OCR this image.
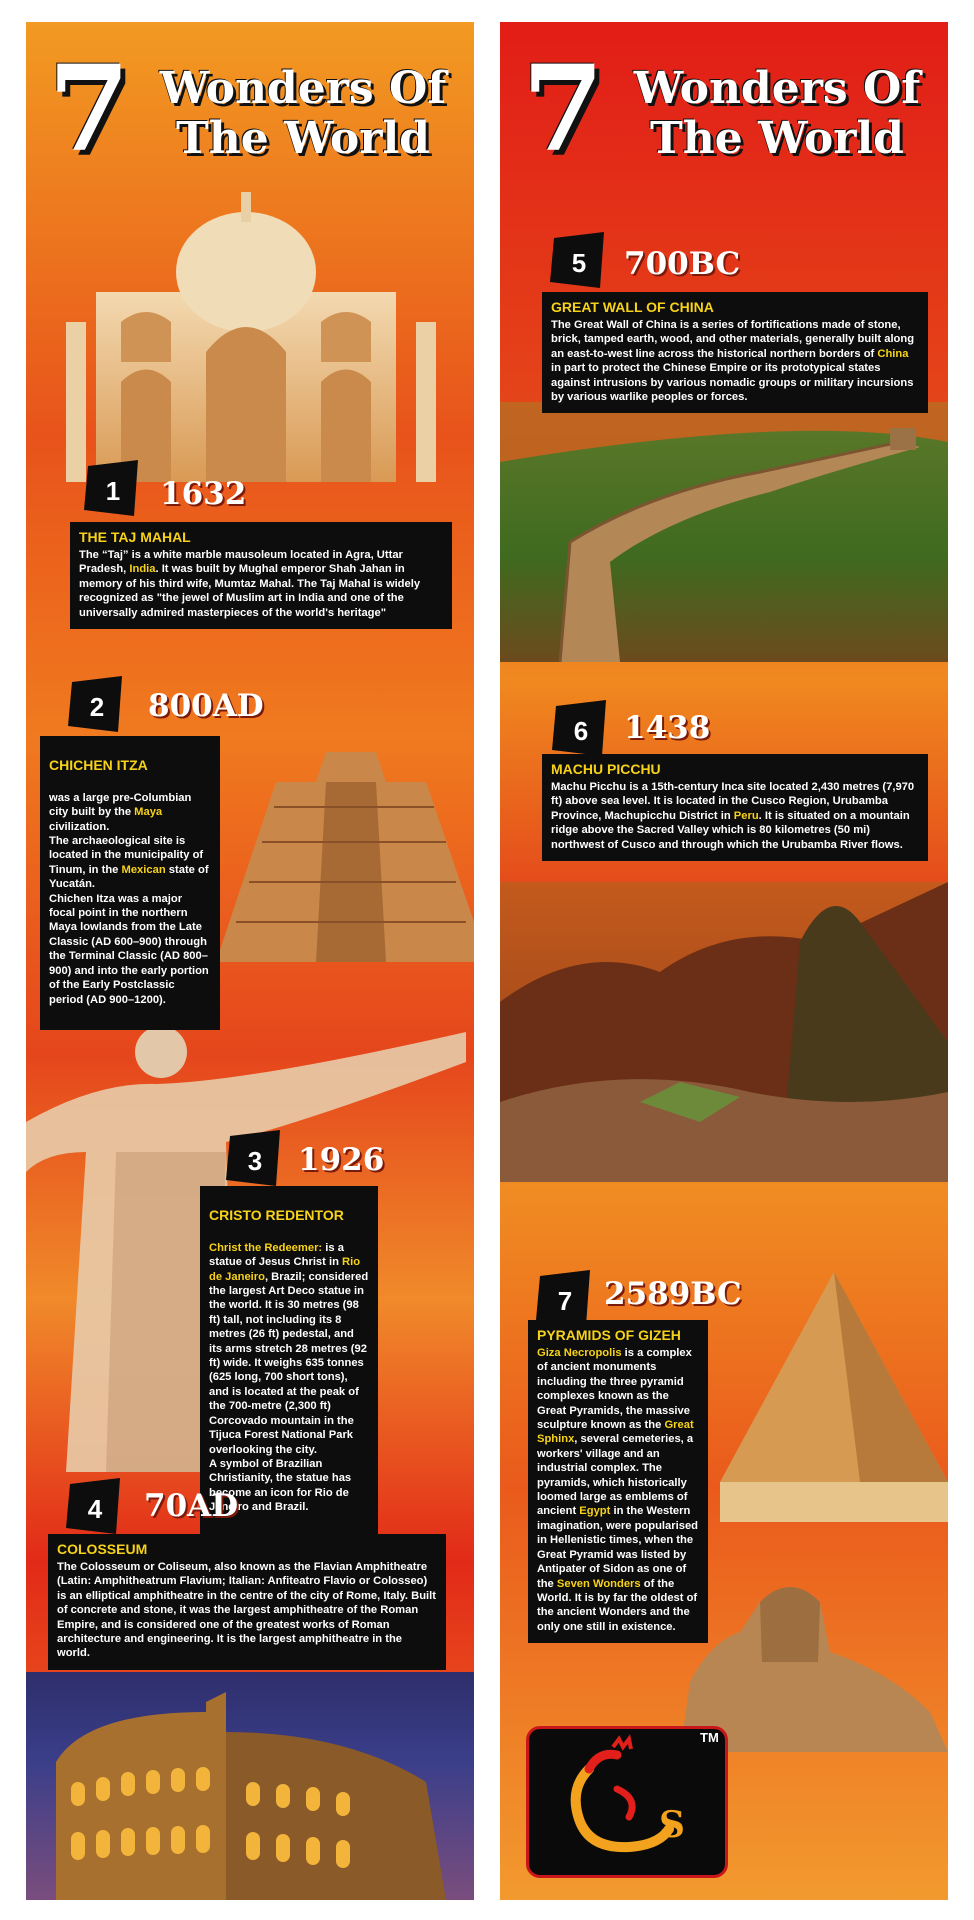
7 Wonders Of
The World
1	1632
THE TAJ MAHAL

The “Taj” is a white marble mausoleum located in Agra, Uttar Pradesh, India. It was built by Mughal emperor Shah Jahan in memory of his third wife, Mumtaz Mahal. The Taj Mahal is widely recognized as "the jewel of Muslim art in India and one of the universally admired masterpieces of the world's heritage"

2	800AD

CHICHEN ITZA

was a large pre-Columbian city built by the Maya civilization.
The archaeological site is located in the municipality of Tinum, in the Mexican state of Yucatán.
Chichen Itza was a major focal point in the northern Maya lowlands from the Late Classic (AD 600–900) through the Terminal Classic (AD 800–900) and into the early portion of the Early Postclassic period (AD 900–1200).

3	1926

CRISTO REDENTOR

Christ the Redeemer: is a statue of Jesus Christ in Rio de Janeiro, Brazil; considered the largest Art Deco statue in the world. It is 30 metres (98 ft) tall, not including its 8 metres (26 ft) pedestal, and its arms stretch 28 metres (92 ft) wide. It weighs 635 tonnes (625 long, 700 short tons), and is located at the peak of the 700-metre (2,300 ft) Corcovado mountain in the Tijuca Forest National Park overlooking the city.
A symbol of Brazilian Christianity, the statue has become an icon for Rio de Janeiro and Brazil.

4	70AD
COLOSSEUM

The Colosseum or Coliseum, also known as the Flavian Amphitheatre (Latin: Amphitheatrum Flavium; Italian: Anfiteatro Flavio or Colosseo) is an elliptical amphitheatre in the centre of the city of Rome, Italy. Built of concrete and stone, it was the largest amphitheatre of the Roman Empire, and is considered one of the greatest works of Roman architecture and engineering. It is the largest amphitheatre in the world.

7 Wonders Of
The World
5	700BC
GREAT WALL OF CHINA

The Great Wall of China is a series of fortifications made of stone, brick, tamped earth, wood, and other materials, generally built along an east-to-west line across the historical northern borders of China in part to protect the Chinese Empire or its prototypical states against intrusions by various nomadic groups or military incursions by various warlike peoples or forces.

6	1438
MACHU PICCHU

Machu Picchu is a 15th-century Inca site located 2,430 metres (7,970 ft) above sea level. It is located in the Cusco Region, Urubamba Province, Machupicchu District in Peru. It is situated on a mountain ridge above the Sacred Valley which is 80 kilometres (50 mi) northwest of Cusco and through which the Urubamba River flows.

7	2589BC
PYRAMIDS OF GIZEH

Giza Necropolis is a complex of ancient monuments including the three pyramid complexes known as the Great Pyramids, the massive sculpture known as the Great Sphinx, several cemeteries, a workers' village and an industrial complex. The pyramids, which historically loomed large as emblems of ancient Egypt in the Western imagination, were popularised in Hellenistic times, when the Great Pyramid was listed by Antipater of Sidon as one of the Seven Wonders of the World. It is by far the oldest of the ancient Wonders and the only one still in existence.

S
TM
